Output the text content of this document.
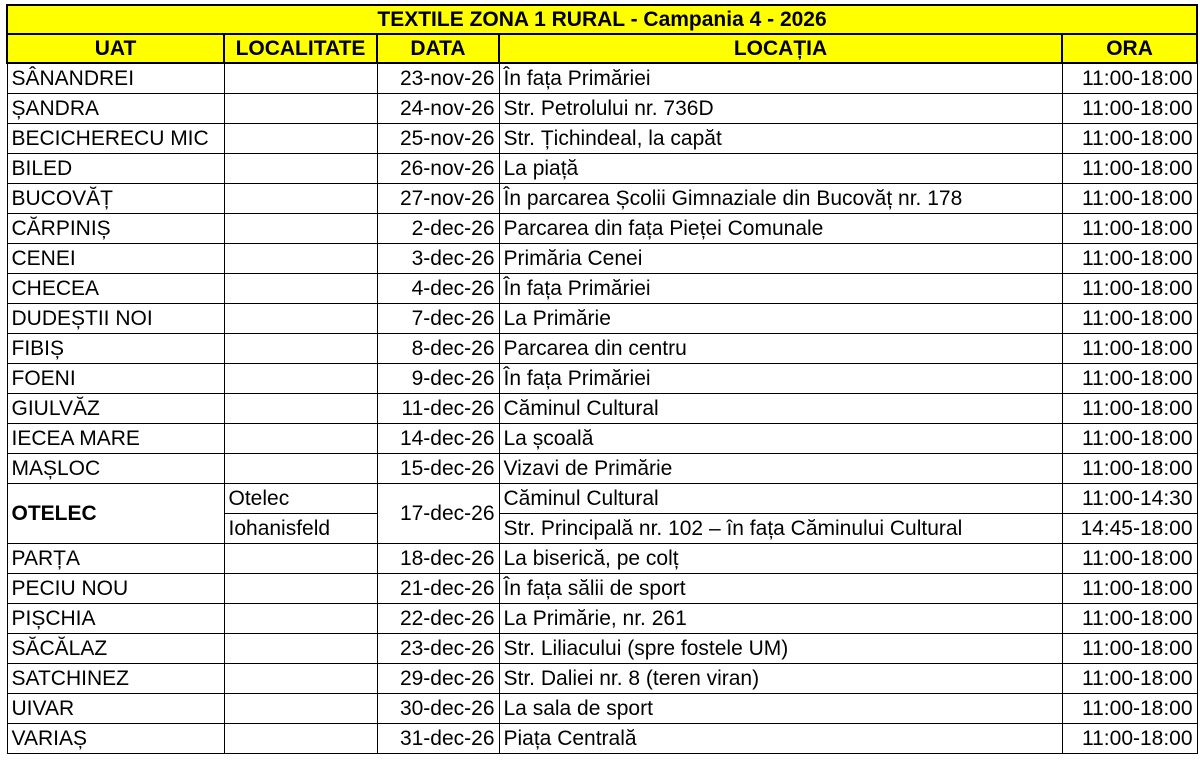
TEXTILE ZONA 1 RURAL - Campania 4 - 2026				
UAT	LOCALITATE	DATA	LOCAȚIA	ORA
SÂNANDREI		23-nov-26	În fața Primăriei	11:00-18:00
ȘANDRA		24-nov-26	Str. Petrolului nr. 736D	11:00-18:00
BECICHERECU MIC		25-nov-26	Str. Țichindeal, la capăt	11:00-18:00
BILED		26-nov-26	La piață	11:00-18:00
BUCOVĂȚ		27-nov-26	În parcarea Școlii Gimnaziale din Bucovăț nr. 178	11:00-18:00
CĂRPINIȘ		2-dec-26	Parcarea din fața Pieței Comunale	11:00-18:00
CENEI		3-dec-26	Primăria Cenei	11:00-18:00
CHECEA		4-dec-26	În fața Primăriei	11:00-18:00
DUDEȘTII NOI		7-dec-26	La Primărie	11:00-18:00
FIBIȘ		8-dec-26	Parcarea din centru	11:00-18:00
FOENI		9-dec-26	În fața Primăriei	11:00-18:00
GIULVĂZ		11-dec-26	Căminul Cultural	11:00-18:00
IECEA MARE		14-dec-26	La școală	11:00-18:00
MAȘLOC		15-dec-26	Vizavi de Primărie	11:00-18:00
OTELEC	Otelec	17-dec-26	Căminul Cultural	11:00-14:30
	Iohanisfeld		Str. Principală nr. 102 – în fața Căminului Cultural	14:45-18:00
PARȚA		18-dec-26	La biserică, pe colț	11:00-18:00
PECIU NOU		21-dec-26	În fața sălii de sport	11:00-18:00
PIȘCHIA		22-dec-26	La Primărie, nr. 261	11:00-18:00
SĂCĂLAZ		23-dec-26	Str. Liliacului (spre fostele UM)	11:00-18:00
SATCHINEZ		29-dec-26	Str. Daliei nr. 8 (teren viran)	11:00-18:00
UIVAR		30-dec-26	La sala de sport	11:00-18:00
VARIAȘ		31-dec-26	Piața Centrală	11:00-18:00
